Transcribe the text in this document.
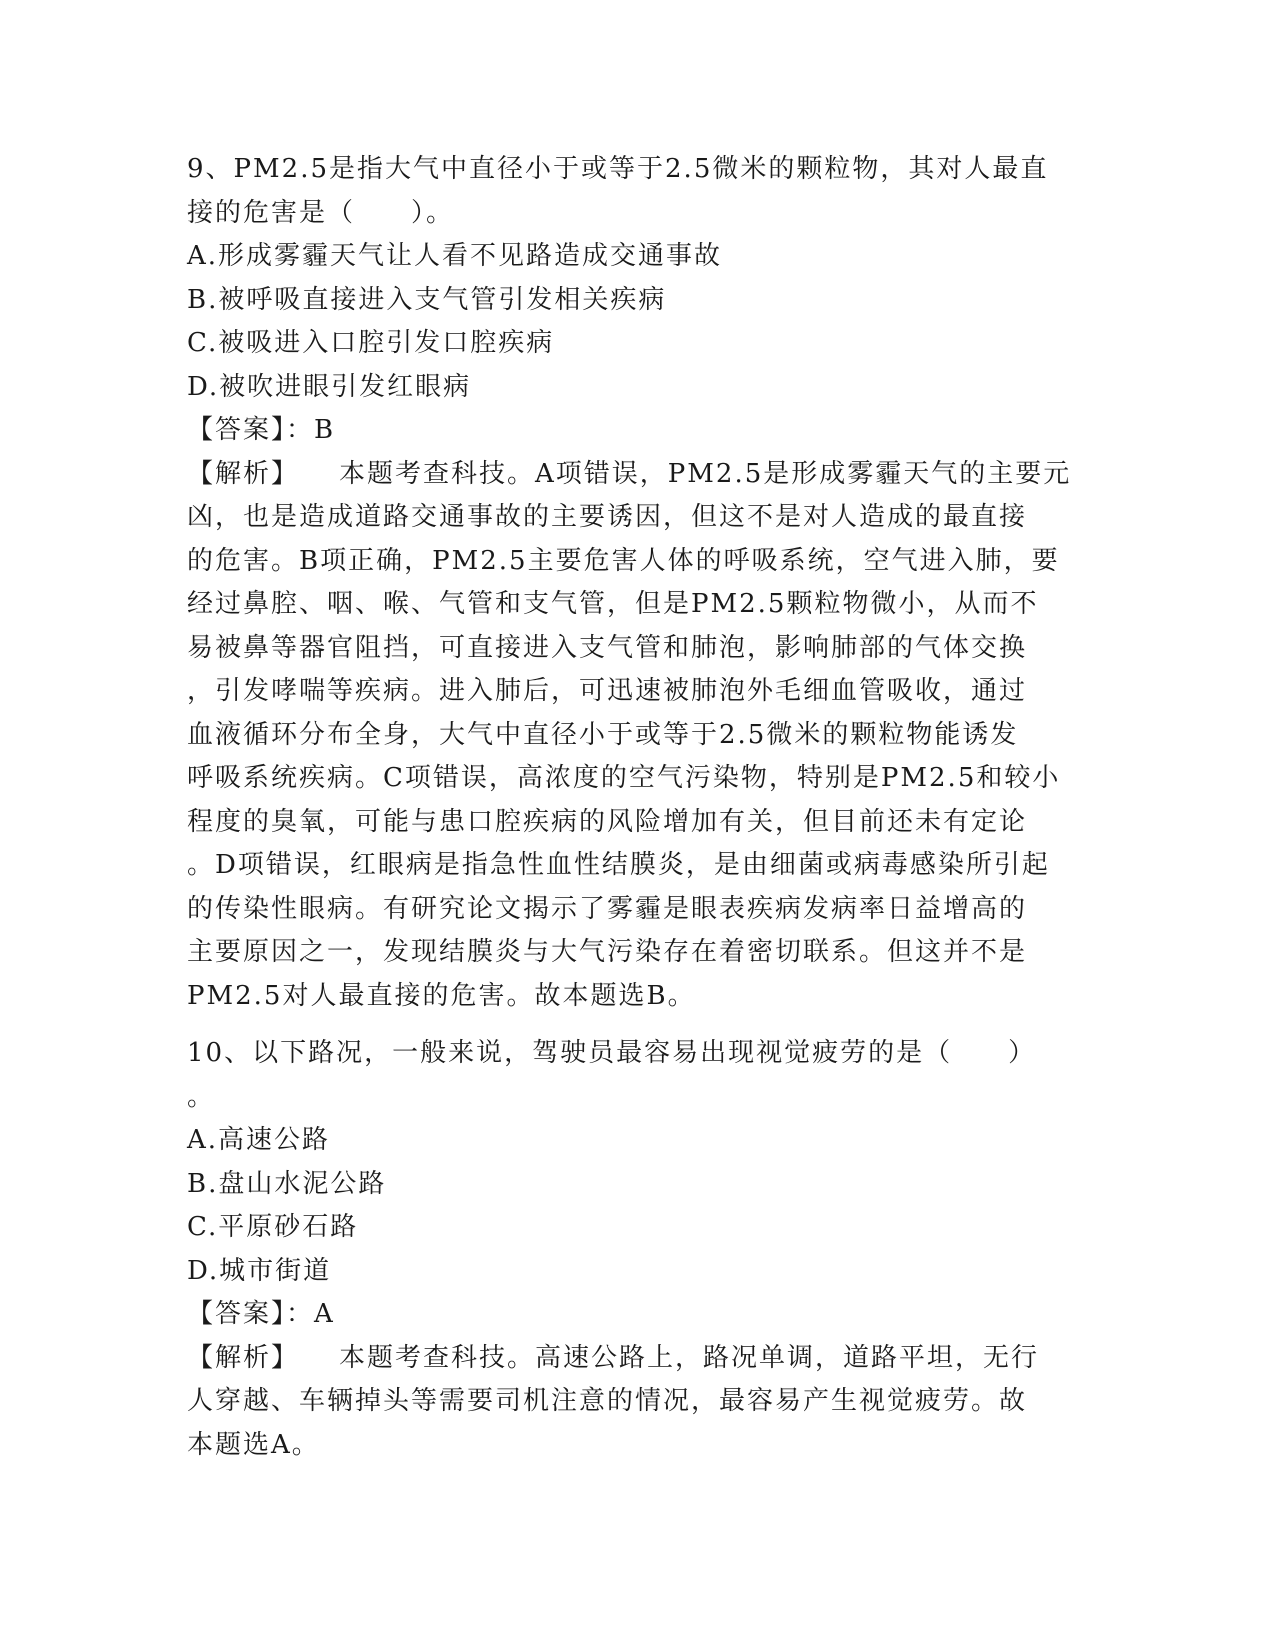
9、PM2.5是指大气中直径小于或等于2.5微米的颗粒物，其对人最直

接的危害是（　　）。

A.形成雾霾天气让人看不见路造成交通事故

B.被呼吸直接进入支气管引发相关疾病

C.被吸进入口腔引发口腔疾病

D.被吹进眼引发红眼病

【答案】：B

【解析】 本题考查科技。A项错误，PM2.5是形成雾霾天气的主要元

凶，也是造成道路交通事故的主要诱因，但这不是对人造成的最直接

的危害。B项正确，PM2.5主要危害人体的呼吸系统，空气进入肺，要

经过鼻腔、咽、喉、气管和支气管，但是PM2.5颗粒物微小，从而不

易被鼻等器官阻挡，可直接进入支气管和肺泡，影响肺部的气体交换

，引发哮喘等疾病。进入肺后，可迅速被肺泡外毛细血管吸收，通过

血液循环分布全身，大气中直径小于或等于2.5微米的颗粒物能诱发

呼吸系统疾病。C项错误，高浓度的空气污染物，特别是PM2.5和较小

程度的臭氧，可能与患口腔疾病的风险增加有关，但目前还未有定论

。D项错误，红眼病是指急性血性结膜炎，是由细菌或病毒感染所引起

的传染性眼病。有研究论文揭示了雾霾是眼表疾病发病率日益增高的

主要原因之一，发现结膜炎与大气污染存在着密切联系。但这并不是

PM2.5对人最直接的危害。故本题选B。

10、以下路况，一般来说，驾驶员最容易出现视觉疲劳的是（　　）

。

A.高速公路

B.盘山水泥公路

C.平原砂石路

D.城市街道

【答案】：A

【解析】 本题考查科技。高速公路上，路况单调，道路平坦，无行

人穿越、车辆掉头等需要司机注意的情况，最容易产生视觉疲劳。故

本题选A。
